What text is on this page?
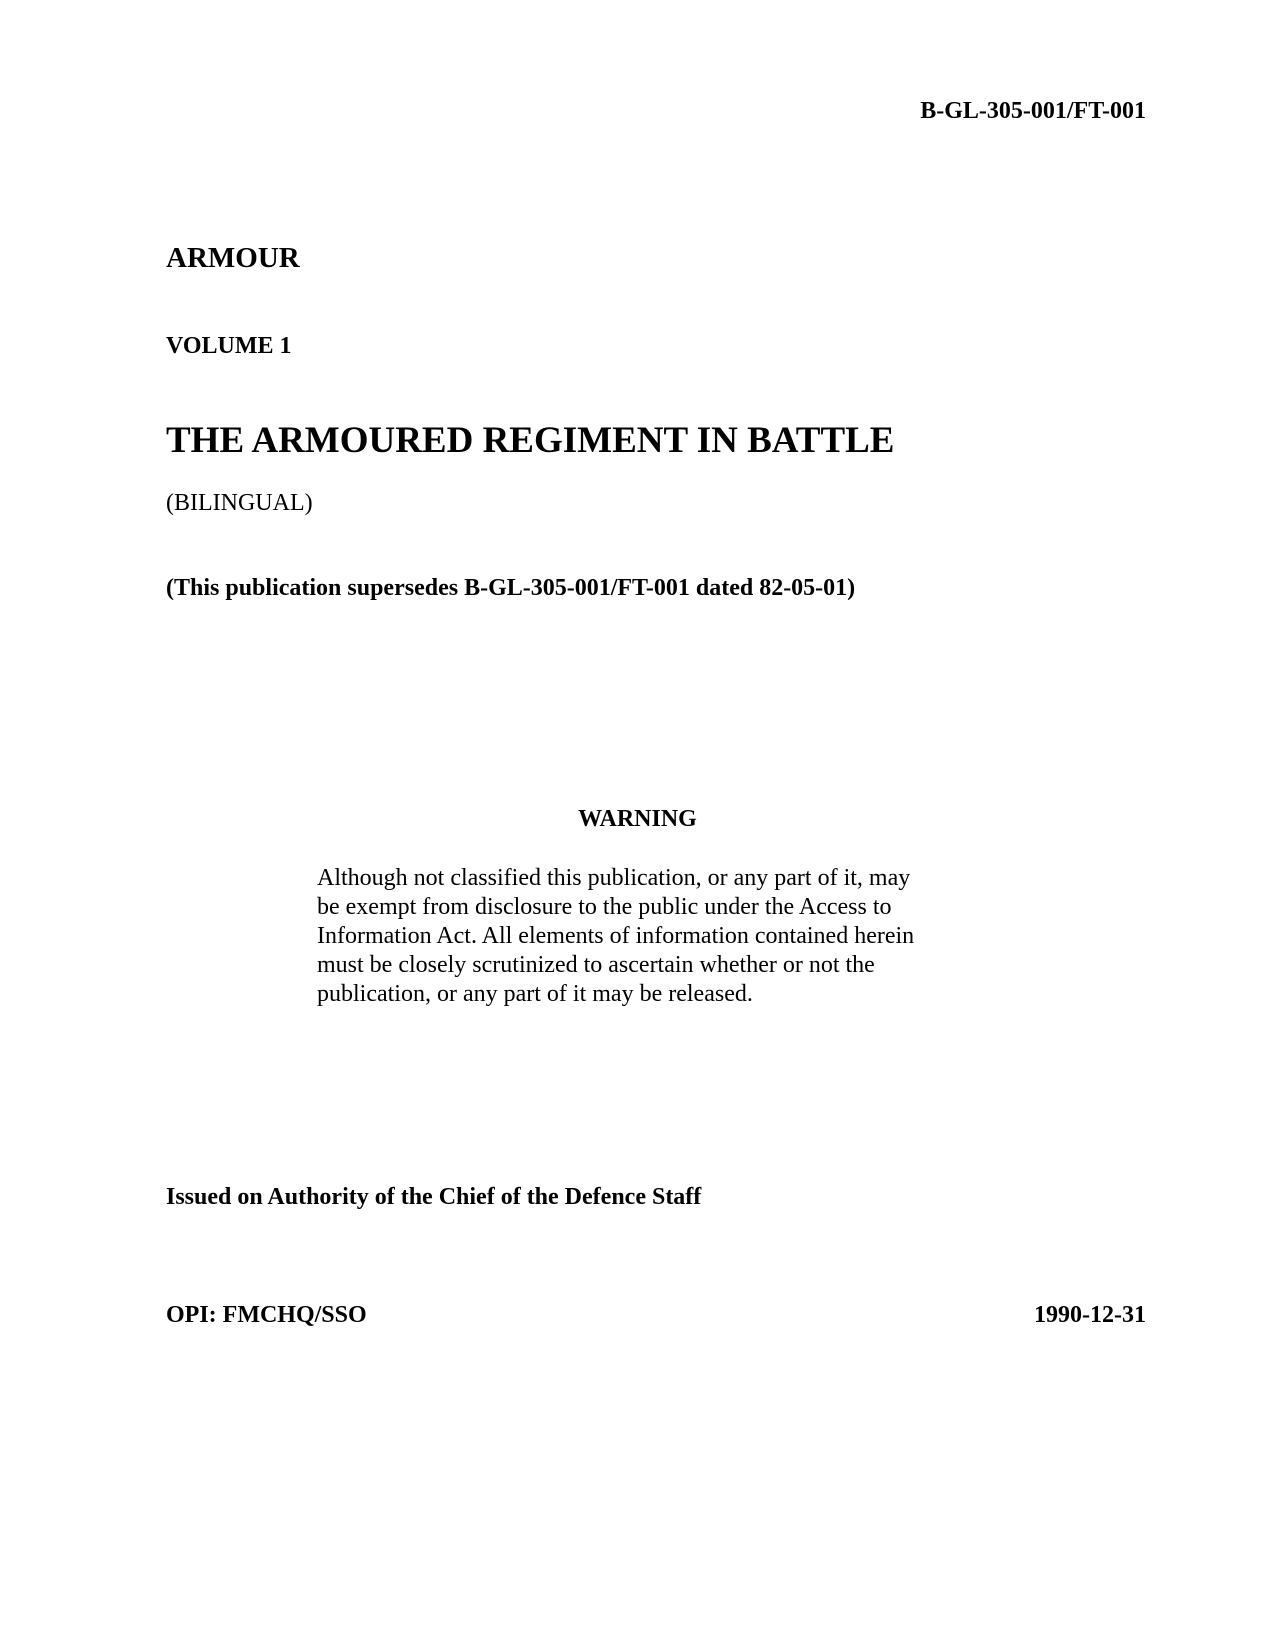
B-GL-305-001/FT-001

ARMOUR

VOLUME 1

THE ARMOURED REGIMENT IN BATTLE

(BILINGUAL)

(This publication supersedes B-GL-305-001/FT-001 dated 82-05-01)

WARNING

Although not classified this publication, or any part of it, may
be exempt from disclosure to the public under the Access to
Information Act. All elements of information contained herein
must be closely scrutinized to ascertain whether or not the
publication, or any part of it may be released.

Issued on Authority of the Chief of the Defence Staff

OPI: FMCHQ/SSO	1990-12-31
